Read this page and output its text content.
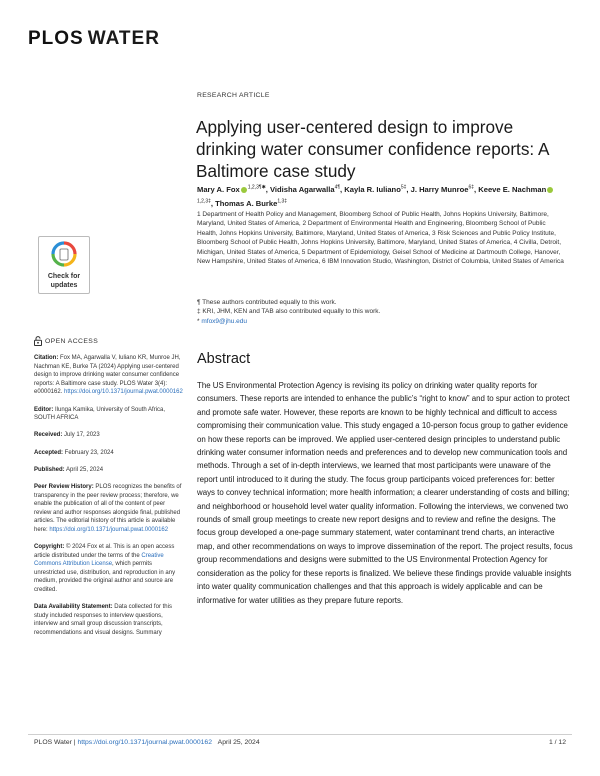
PLOS WATER
Check for
updates
RESEARCH ARTICLE
Applying user-centered design to improve drinking water consumer confidence reports: A Baltimore case study
Mary A. Fox $^{1,2,3\P✱}$, Vidisha Agarwalla$^{4\P}$, Kayla R. Iuliano$^{5\ddagger}$, J. Harry Munroe$^{6\ddagger}$, Keeve E. Nachman$^{1,2,3\ddagger}$, Thomas A. Burke$^{1,3\ddagger}$
1 Department of Health Policy and Management, Bloomberg School of Public Health, Johns Hopkins University, Baltimore, Maryland, United States of America, 2 Department of Environmental Health and Engineering, Bloomberg School of Public Health, Johns Hopkins University, Baltimore, Maryland, United States of America, 3 Risk Sciences and Public Policy Institute, Bloomberg School of Public Health, Johns Hopkins University, Baltimore, Maryland, United States of America, 4 Civilla, Detroit, Michigan, United States of America, 5 Department of Epidemiology, Geisel School of Medicine at Dartmouth College, Hanover, New Hampshire, United States of America, 6 IBM Innovation Studio, Washington, District of Columbia, United States of America
¶ These authors contributed equally to this work.
‡ KRI, JHM, KEN and TAB also contributed equally to this work.
* mfox9@jhu.edu
Abstract
The US Environmental Protection Agency is revising its policy on drinking water quality reports for consumers. These reports are intended to enhance the public’s “right to know” and to spur action to protect and promote safe water. However, these reports are known to be highly technical and difficult to access compromising their communication value. This study engaged a 10-person focus group to gather evidence on how these reports can be improved. We applied user-centered design principles to understand public drinking water consumer information needs and preferences and to develop new communication tools and methods. Through a set of in-depth interviews, we learned that most participants were unaware of the report until introduced to it during the study. The focus group participants voiced preferences for: better ways to convey technical information; more health information; a clearer understanding of costs and billing; and neighborhood or household level water quality information. Following the interviews, we convened two rounds of small group meetings to create new report designs and to review and refine the designs. The focus group developed a one-page summary statement, water contaminant trend charts, an interactive map, and other recommendations on ways to improve dissemination of the report. The project results, focus group recommendations and designs were submitted to the US Environmental Protection Agency for consideration as the policy for these reports is finalized. We believe these findings provide valuable insights into water quality communication challenges and that this approach is widely applicable and can be informative for water utilities as they prepare future reports.
OPEN ACCESS

Citation: Fox MA, Agarwalla V, Iuliano KR, Munroe JH, Nachman KE, Burke TA (2024) Applying user-centered design to improve drinking water consumer confidence reports: A Baltimore case study. PLOS Water 3(4): e0000162. https://doi.org/10.1371/journal.pwat.0000162

Editor: Ilunga Kamika, University of South Africa, SOUTH AFRICA

Received: July 17, 2023

Accepted: February 23, 2024

Published: April 25, 2024

Peer Review History: PLOS recognizes the benefits of transparency in the peer review process; therefore, we enable the publication of all of the content of peer review and author responses alongside final, published articles. The editorial history of this article is available here: https://doi.org/10.1371/journal.pwat.0000162

Copyright: © 2024 Fox et al. This is an open access article distributed under the terms of the Creative Commons Attribution License, which permits unrestricted use, distribution, and reproduction in any medium, provided the original author and source are credited.

Data Availability Statement: Data collected for this study included responses to interview questions, interview and small group discussion transcripts, recommendations and visual designs. Summary

PLOS Water | https://doi.org/10.1371/journal.pwat.0000162 April 25, 2024	1 / 12
